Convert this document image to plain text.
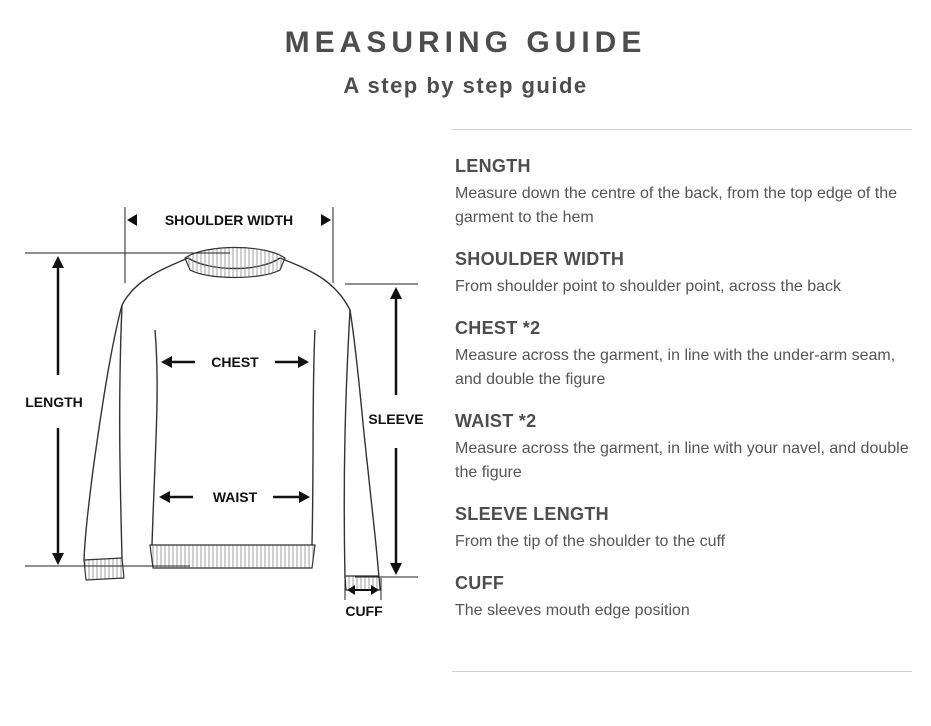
MEASURING GUIDE
A step by step guide
SHOULDER WIDTH
CHEST
WAIST
LENGTH
SLEEVE
CUFF
LENGTH
Measure down the centre of the back, from the top edge of the garment to the hem
SHOULDER WIDTH
From shoulder point to shoulder point, across the back
CHEST *2
Measure across the garment, in line with the under-arm seam, and double the figure
WAIST *2
Measure across the garment, in line with your navel, and double the figure
SLEEVE LENGTH
From the tip of the shoulder to the cuff
CUFF
The sleeves mouth edge position
